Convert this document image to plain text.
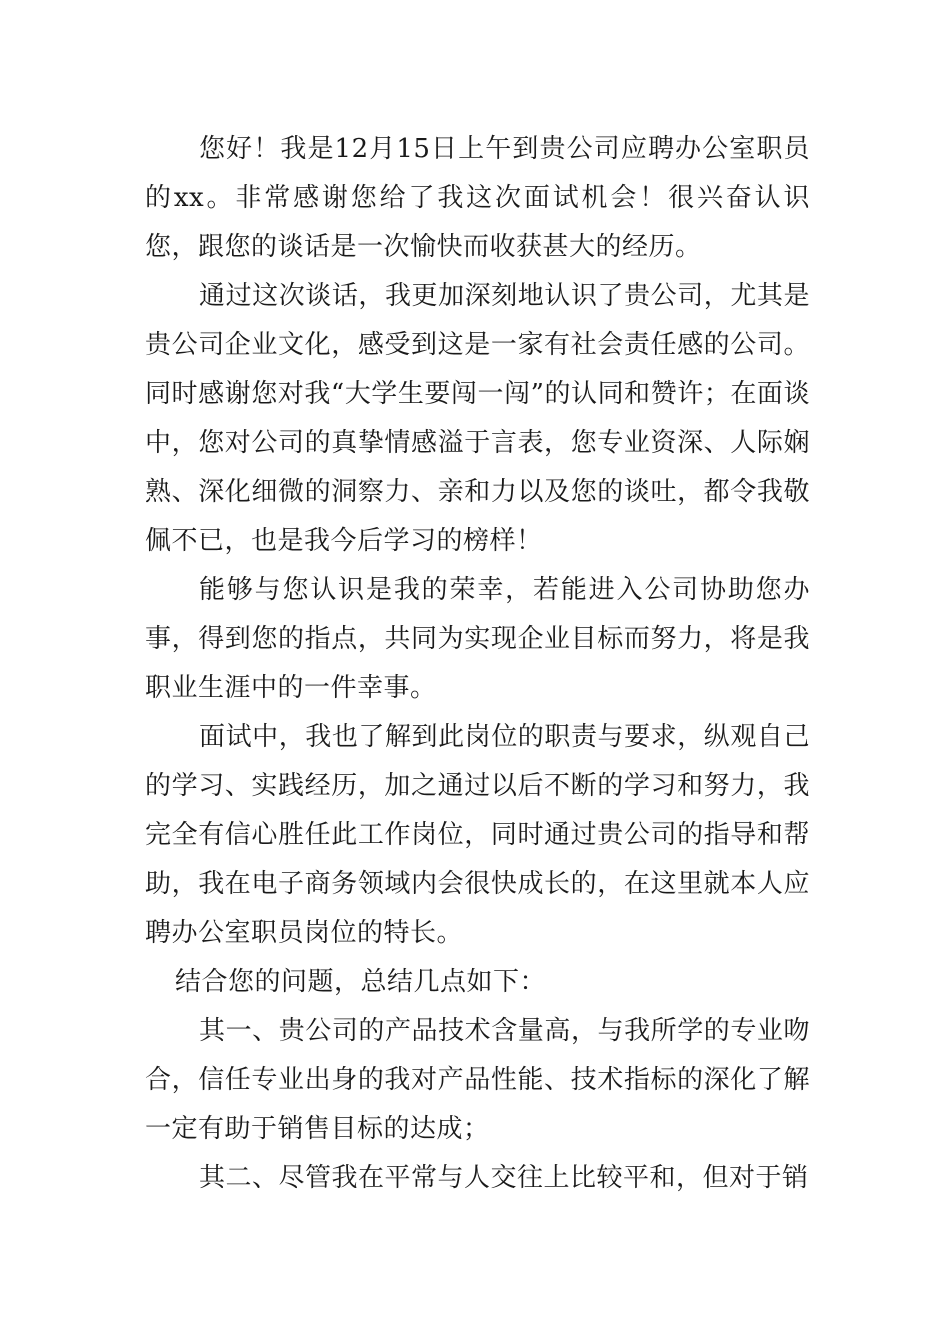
您好！我是12月15日上午到贵公司应聘办公室职员的xx。非常感谢您给了我这次面试机会！很兴奋认识您，跟您的谈话是一次愉快而收获甚大的经历。

通过这次谈话，我更加深刻地认识了贵公司，尤其是贵公司企业文化，感受到这是一家有社会责任感的公司。同时感谢您对我“大学生要闯一闯”的认同和赞许；在面谈中，您对公司的真挚情感溢于言表，您专业资深、人际娴熟、深化细微的洞察力、亲和力以及您的谈吐，都令我敬佩不已，也是我今后学习的榜样！

能够与您认识是我的荣幸，若能进入公司协助您办事，得到您的指点，共同为实现企业目标而努力，将是我职业生涯中的一件幸事。

面试中，我也了解到此岗位的职责与要求，纵观自己的学习、实践经历，加之通过以后不断的学习和努力，我完全有信心胜任此工作岗位，同时通过贵公司的指导和帮助，我在电子商务领域内会很快成长的，在这里就本人应聘办公室职员岗位的特长。

结合您的问题，总结几点如下：

其一、贵公司的产品技术含量高，与我所学的专业吻合，信任专业出身的我对产品性能、技术指标的深化了解一定有助于销售目标的达成；

其二、尽管我在平常与人交往上比较平和，但对于销
